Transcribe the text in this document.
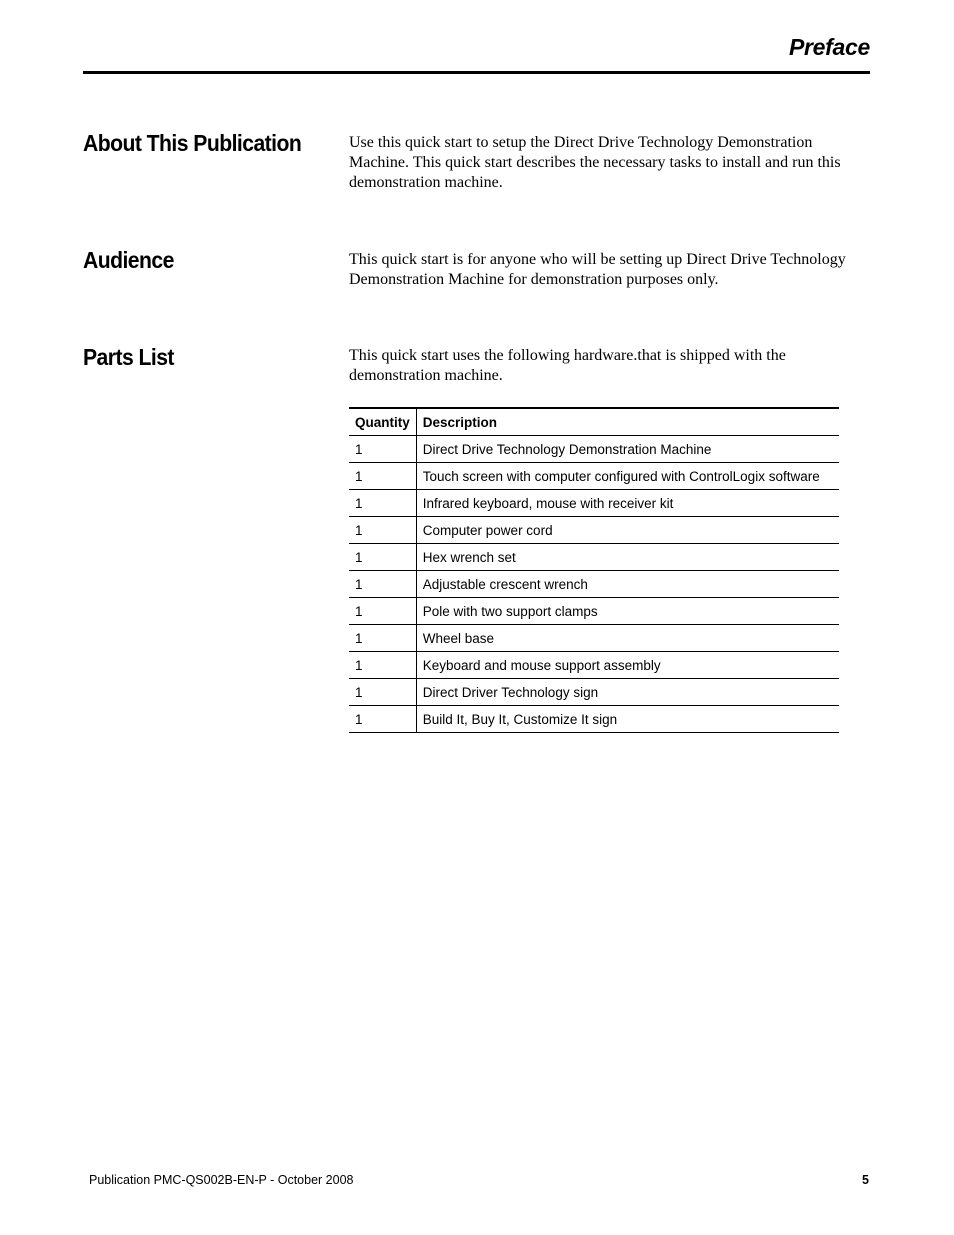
Preface
About This Publication	Use this quick start to setup the Direct Drive Technology Demonstration Machine. This quick start describes the necessary tasks to install and run this demonstration machine.
Audience	This quick start is for anyone who will be setting up Direct Drive Technology Demonstration Machine for demonstration purposes only.
Parts List	This quick start uses the following hardware.that is shipped with the demonstration machine.
Quantity	Description
1	Direct Drive Technology Demonstration Machine
1	Touch screen with computer configured with ControlLogix software
1	Infrared keyboard, mouse with receiver kit
1	Computer power cord
1	Hex wrench set
1	Adjustable crescent wrench
1	Pole with two support clamps
1	Wheel base
1	Keyboard and mouse support assembly
1	Direct Driver Technology sign
1	Build It, Buy It, Customize It sign
Publication PMC-QS002B-EN-P - October 2008	5
